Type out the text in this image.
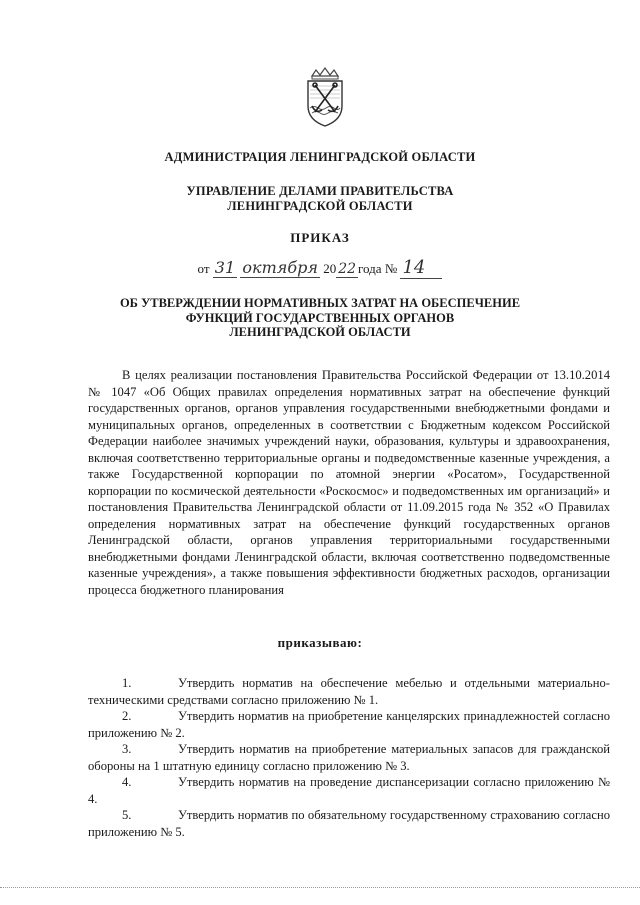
АДМИНИСТРАЦИЯ ЛЕНИНГРАДСКОЙ ОБЛАСТИ
УПРАВЛЕНИЕ ДЕЛАМИ ПРАВИТЕЛЬСТВА
ЛЕНИНГРАДСКОЙ ОБЛАСТИ
ПРИКАЗ
от 31 октября 20 22 года № 14
ОБ УТВЕРЖДЕНИИ НОРМАТИВНЫХ ЗАТРАТ НА ОБЕСПЕЧЕНИЕ
ФУНКЦИЙ ГОСУДАРСТВЕННЫХ ОРГАНОВ
ЛЕНИНГРАДСКОЙ ОБЛАСТИ
В целях реализации постановления Правительства Российской Федерации от 13.10.2014 № 1047 «Об Общих правилах определения нормативных затрат на обеспечение функций государственных органов, органов управления государственными внебюджетными фондами и муниципальных органов, определенных в соответствии с Бюджетным кодексом Российской Федерации наиболее значимых учреждений науки, образования, культуры и здравоохранения, включая соответственно территориальные органы и подведомственные казенные учреждения, а также Государственной корпорации по атомной энергии «Росатом», Государственной корпорации по космической деятельности «Роскосмос» и подведомственных им организаций» и постановления Правительства Ленинградской области от 11.09.2015 года № 352 «О Правилах определения нормативных затрат на обеспечение функций государственных органов Ленинградской области, органов управления территориальными государственными внебюджетными фондами Ленинградской области, включая соответственно подведомственные казенные учреждения», а также повышения эффективности бюджетных расходов, организации процесса бюджетного планирования
приказываю:
1.	Утвердить норматив на обеспечение мебелью и отдельными материально-техническими средствами согласно приложению № 1.
2.	Утвердить норматив на приобретение канцелярских принадлежностей согласно приложению № 2.
3.	Утвердить норматив на приобретение материальных запасов для гражданской обороны на 1 штатную единицу согласно приложению № 3.
4.	Утвердить норматив на проведение диспансеризации согласно приложению № 4.
5.	Утвердить норматив по обязательному государственному страхованию согласно приложению № 5.
